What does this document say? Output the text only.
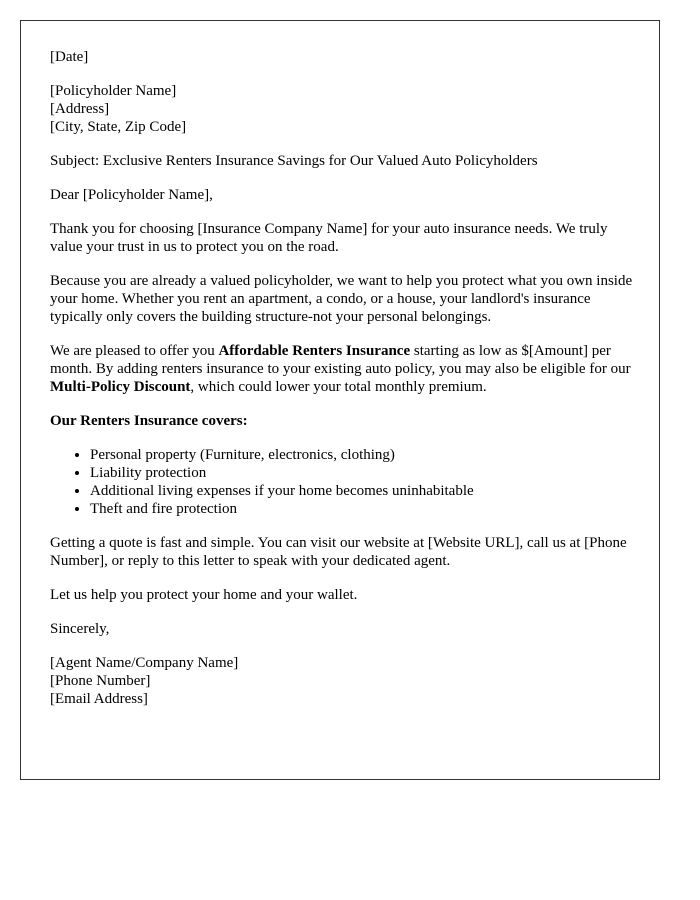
[Date]

[Policyholder Name]
[Address]
[City, State, Zip Code]

Subject: Exclusive Renters Insurance Savings for Our Valued Auto Policyholders

Dear [Policyholder Name],

Thank you for choosing [Insurance Company Name] for your auto insurance needs. We truly value your trust in us to protect you on the road.

Because you are already a valued policyholder, we want to help you protect what you own inside your home. Whether you rent an apartment, a condo, or a house, your landlord's insurance typically only covers the building structure-not your personal belongings.

We are pleased to offer you Affordable Renters Insurance starting as low as $[Amount] per month. By adding renters insurance to your existing auto policy, you may also be eligible for our Multi-Policy Discount, which could lower your total monthly premium.

Our Renters Insurance covers:

• Personal property (Furniture, electronics, clothing)
• Liability protection
• Additional living expenses if your home becomes uninhabitable
• Theft and fire protection

Getting a quote is fast and simple. You can visit our website at [Website URL], call us at [Phone Number], or reply to this letter to speak with your dedicated agent.

Let us help you protect your home and your wallet.

Sincerely,

[Agent Name/Company Name]
[Phone Number]
[Email Address]
